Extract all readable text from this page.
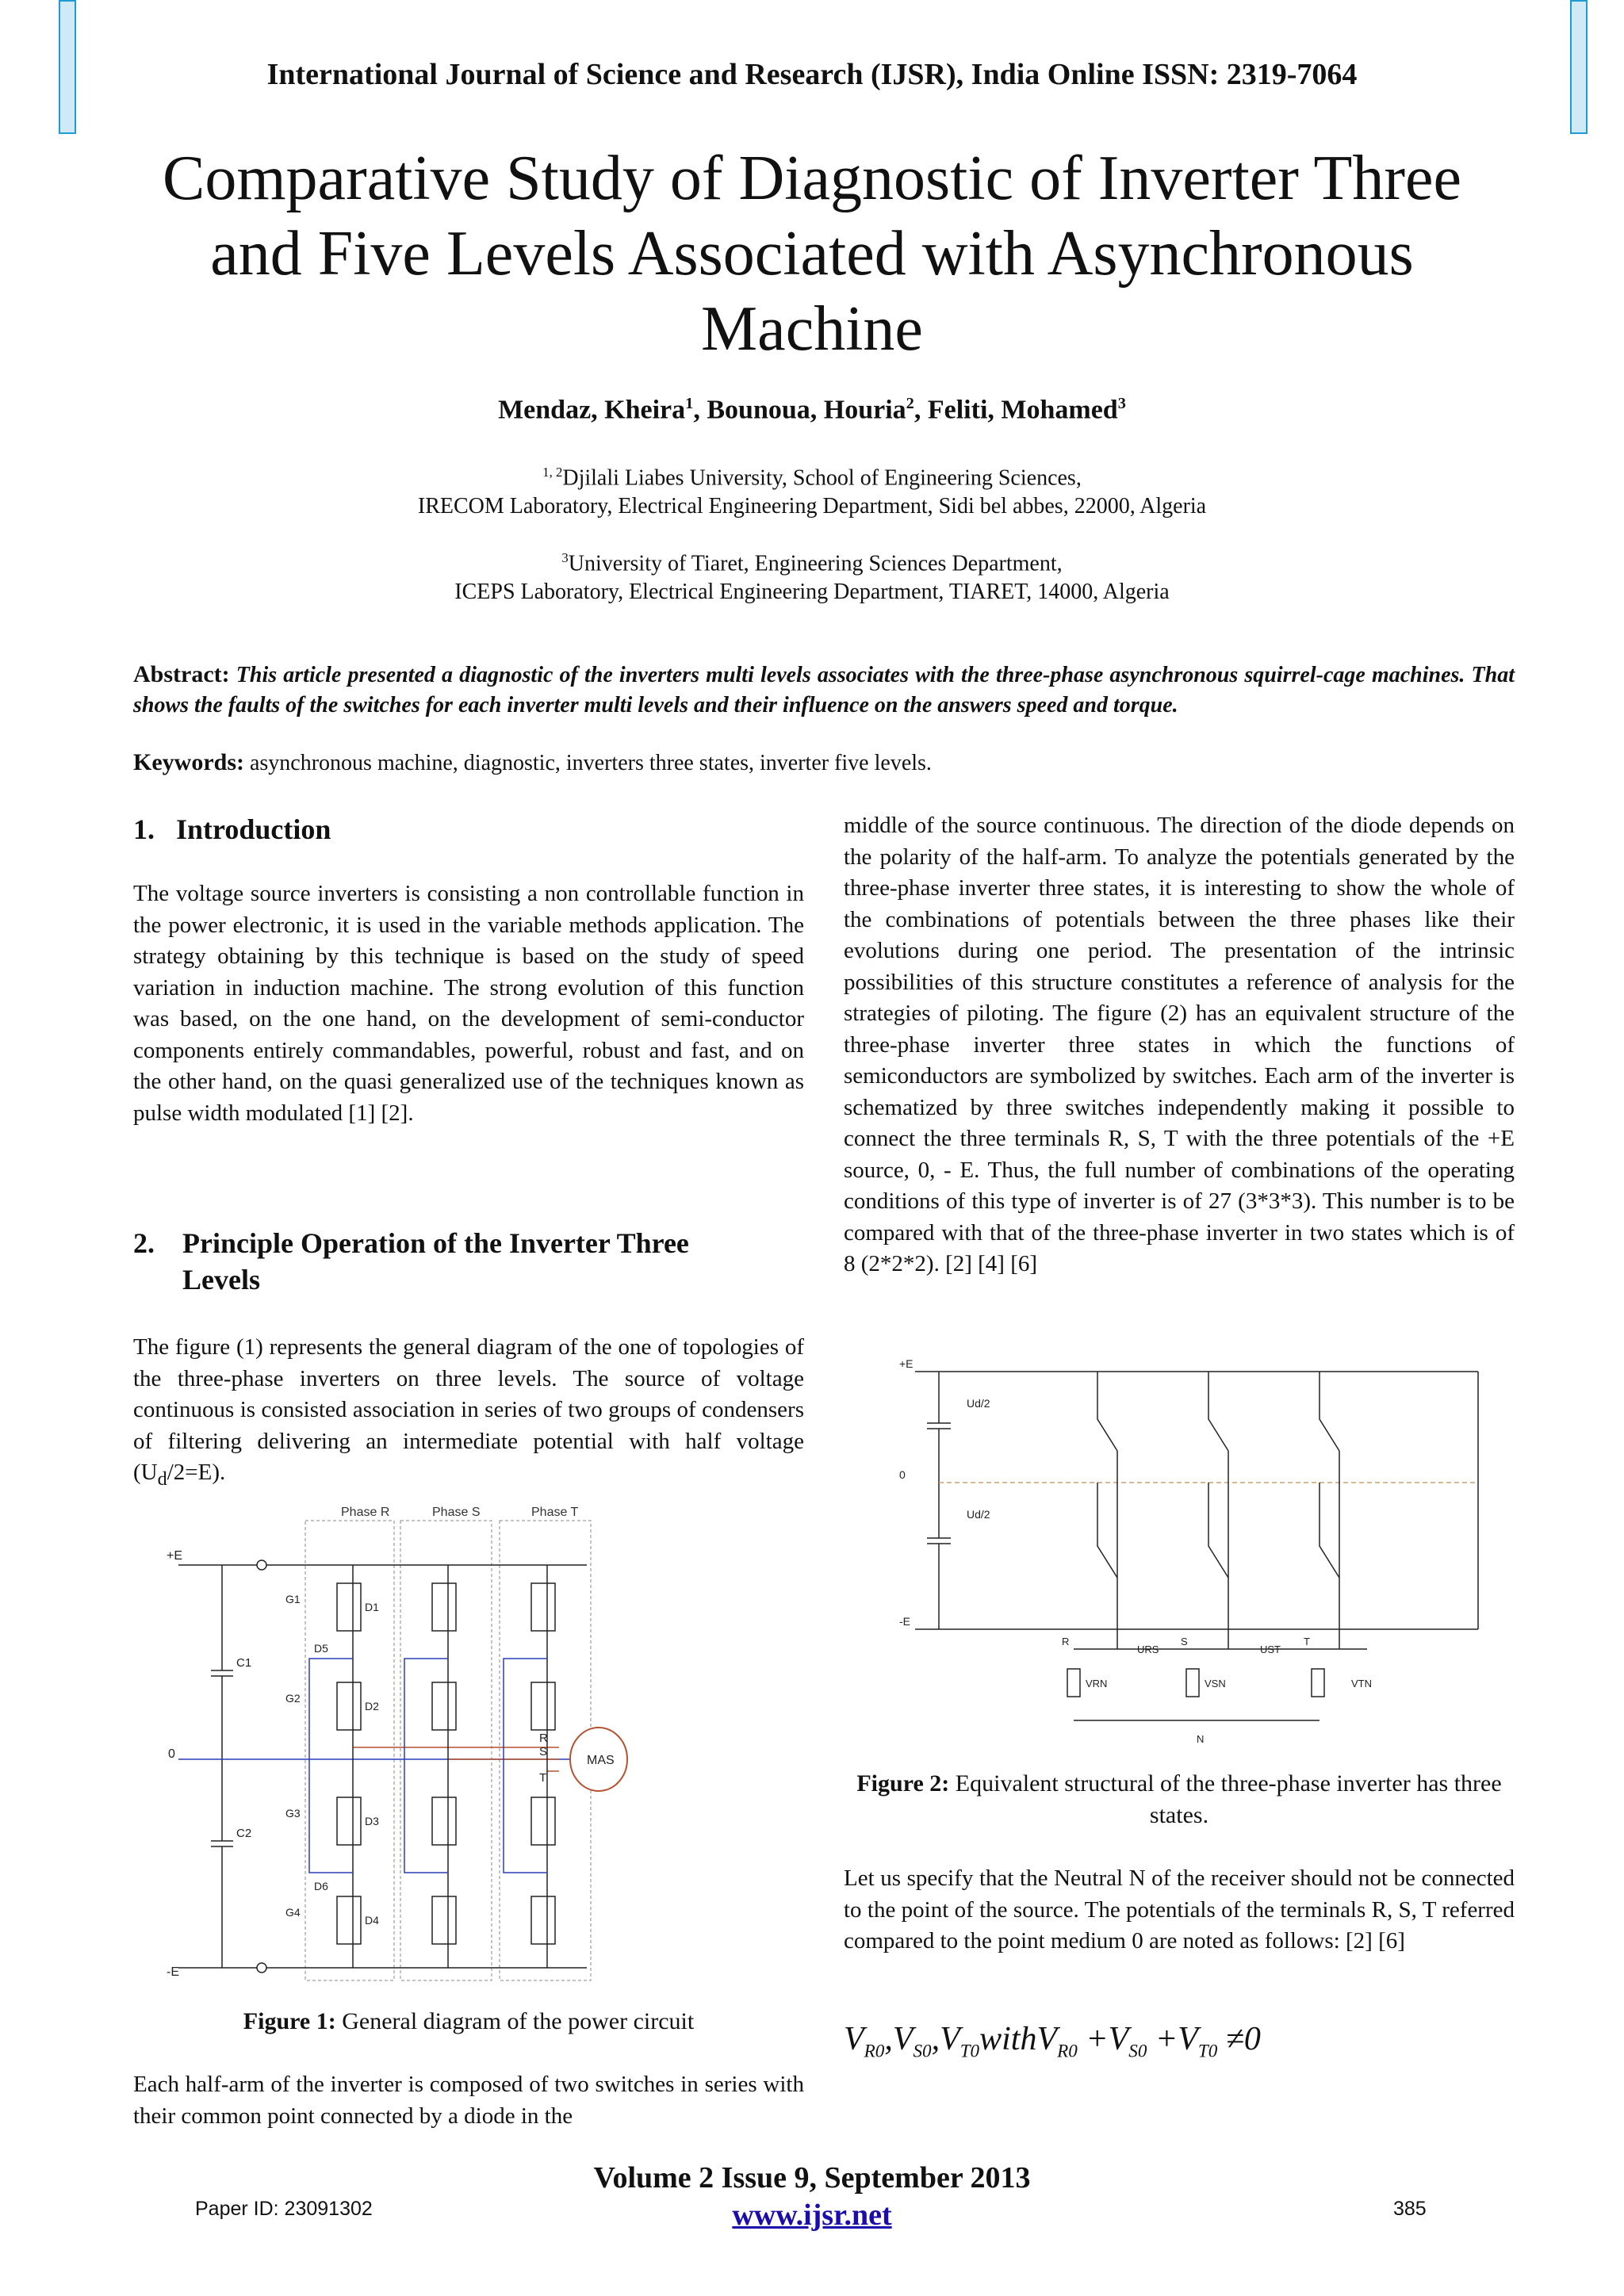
International Journal of Science and Research (IJSR), India Online ISSN: 2319-7064
Comparative Study of Diagnostic of Inverter Three and Five Levels Associated with Asynchronous Machine
Mendaz, Kheira$^1$, Bounoua, Houria$^2$, Feliti, Mohamed$^3$
$^{1, 2}$Djilali Liabes University, School of Engineering Sciences,
IRECOM Laboratory, Electrical Engineering Department, Sidi bel abbes, 22000, Algeria
$^3$University of Tiaret, Engineering Sciences Department,
ICEPS Laboratory, Electrical Engineering Department, TIARET, 14000, Algeria
Abstract: This article presented a diagnostic of the inverters multi levels associates with the three-phase asynchronous squirrel-cage machines. That shows the faults of the switches for each inverter multi levels and their influence on the answers speed and torque.
Keywords: asynchronous machine, diagnostic, inverters three states, inverter five levels.
1.   Introduction
The voltage source inverters is consisting a non controllable function in the power electronic, it is used in the variable methods application. The strategy obtaining by this technique is based on the study of speed variation in induction machine. The strong evolution of this function was based, on the one hand, on the development of semi-conductor components entirely commandables, powerful, robust and fast, and on the other hand, on the quasi generalized use of the techniques known as pulse width modulated [1] [2].
2. Principle Operation of the Inverter Three
Levels
The figure (1) represents the general diagram of the one of topologies of the three-phase inverters on three levels. The source of voltage continuous is consisted association in series of two groups of condensers of filtering delivering an intermediate potential with half voltage $(U_d/2=E)$.
Phase R	Phase S	Phase T
MAS
+E
0
-E
C1
C2
R
S
T
G1
D1
D5
G2
D2
G3
D3
D6
G4
D4
Figure 1: General diagram of the power circuit
Each half-arm of the inverter is composed of two switches in series with their common point connected by a diode in the
middle of the source continuous. The direction of the diode depends on the polarity of the half-arm. To analyze the potentials generated by the three-phase inverter three states, it is interesting to show the whole of the combinations of potentials between the three phases like their evolutions during one period. The presentation of the intrinsic possibilities of this structure constitutes a reference of analysis for the strategies of piloting. The figure (2) has an equivalent structure of the three-phase inverter three states in which the functions of semiconductors are symbolized by switches. Each arm of the inverter is schematized by three switches independently making it possible to connect the three terminals R, S, T with the three potentials of the +E source, 0, - E. Thus, the full number of combinations of the operating conditions of this type of inverter is of 27 (3*3*3). This number is to be compared with that of the three-phase inverter in two states which is of 8 (2*2*2). [2] [4] [6]
+E
Ud/2
0
Ud/2
-E
R
URS
S
UST
T
VRN	VSN	VTN
N
Figure 2: Equivalent structural of the three-phase inverter has three states.
Let us specify that the Neutral N of the receiver should not be connected to the point of the source. The potentials of the terminals R, S, T referred compared to the point medium 0 are noted as follows: [2] [6]
$V_{R0},V_{S0},V_{T0}withV_{R0} +V_{S0} +V_{T0} \ne 0$
Volume 2 Issue 9, September 2013
www.ijsr.net
Paper ID: 23091302	385
